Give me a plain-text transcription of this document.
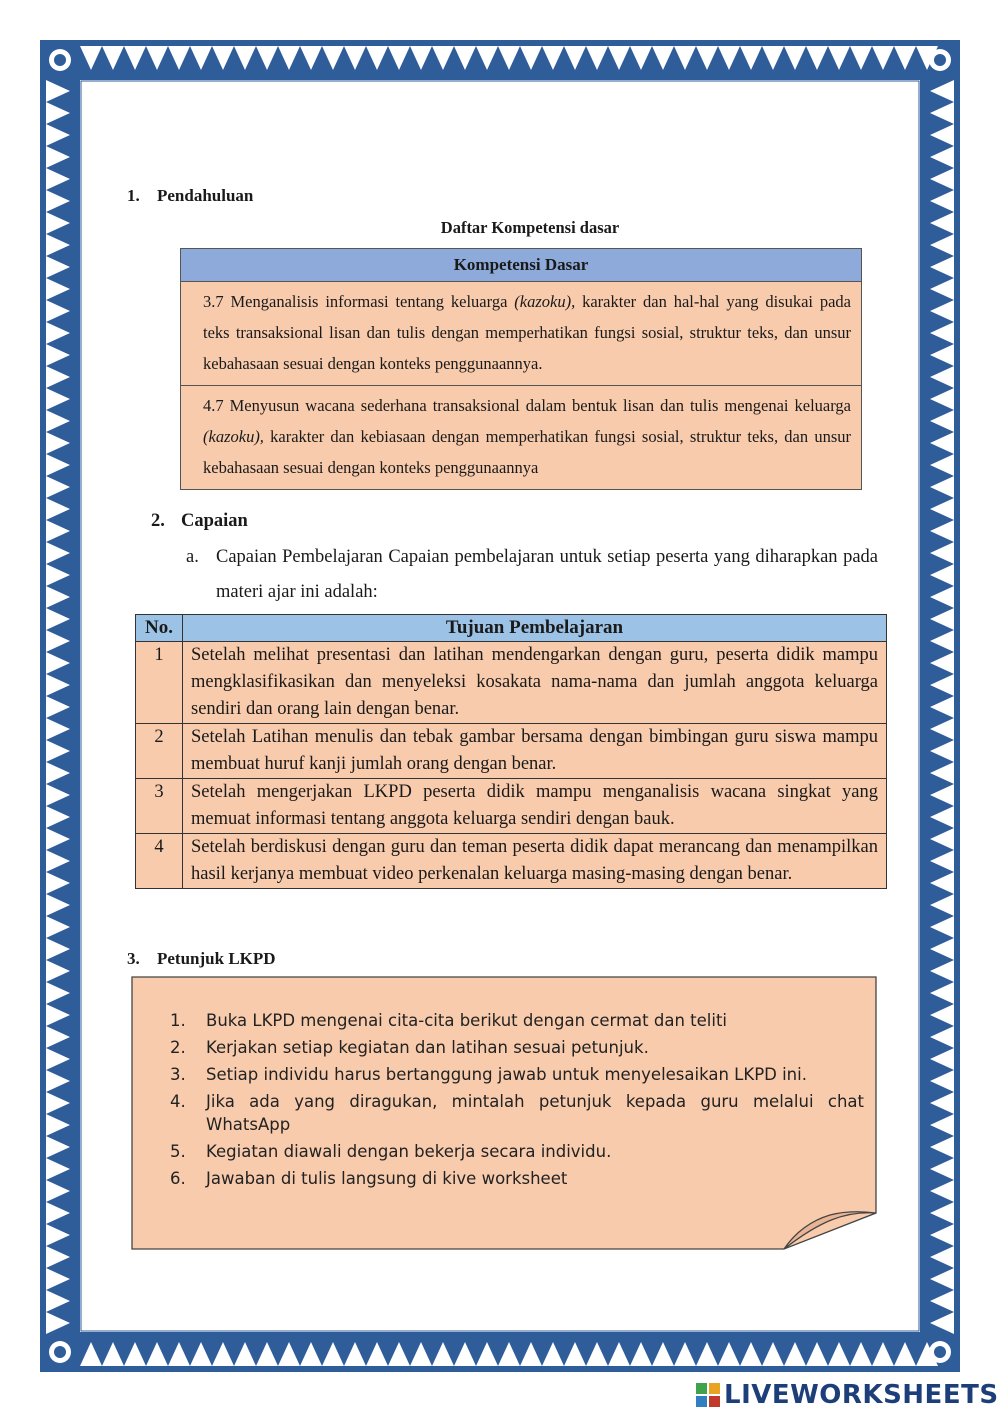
1. Pendahuluan
Daftar Kompetensi dasar
Kompetensi Dasar
3.7 Menganalisis informasi tentang keluarga (kazoku), karakter dan hal-hal yang disukai pada teks transaksional lisan dan tulis dengan memperhatikan fungsi sosial, struktur teks, dan unsur kebahasaan sesuai dengan konteks penggunaannya.
4.7 Menyusun wacana sederhana transaksional dalam bentuk lisan dan tulis mengenai keluarga (kazoku), karakter dan kebiasaan dengan memperhatikan fungsi sosial, struktur teks, dan unsur kebahasaan sesuai dengan konteks penggunaannya
2. Capaian
a. Capaian Pembelajaran Capaian pembelajaran untuk setiap peserta yang diharapkan pada materi ajar ini adalah:
No.	Tujuan Pembelajaran
1	Setelah melihat presentasi dan latihan mendengarkan dengan guru, peserta didik mampu mengklasifikasikan dan menyeleksi kosakata nama-nama dan jumlah anggota keluarga sendiri dan orang lain dengan benar.
2	Setelah Latihan menulis dan tebak gambar bersama dengan bimbingan guru siswa mampu membuat huruf kanji jumlah orang dengan benar.
3	Setelah mengerjakan LKPD peserta didik mampu menganalisis wacana singkat yang memuat informasi tentang anggota keluarga sendiri dengan bauk.
4	Setelah berdiskusi dengan guru dan teman peserta didik dapat merancang dan menampilkan hasil kerjanya membuat video perkenalan keluarga masing-masing dengan benar.
3. Petunjuk LKPD
1.	Buka LKPD mengenai cita-cita berikut dengan cermat dan teliti
2.	Kerjakan setiap kegiatan dan latihan sesuai petunjuk.
3.	Setiap individu harus bertanggung jawab untuk menyelesaikan LKPD ini.
4.	Jika ada yang diragukan, mintalah petunjuk kepada guru melalui chat WhatsApp
5.	Kegiatan diawali dengan bekerja secara individu.
6.	Jawaban di tulis langsung di kive worksheet
LIVEWORKSHEETS
